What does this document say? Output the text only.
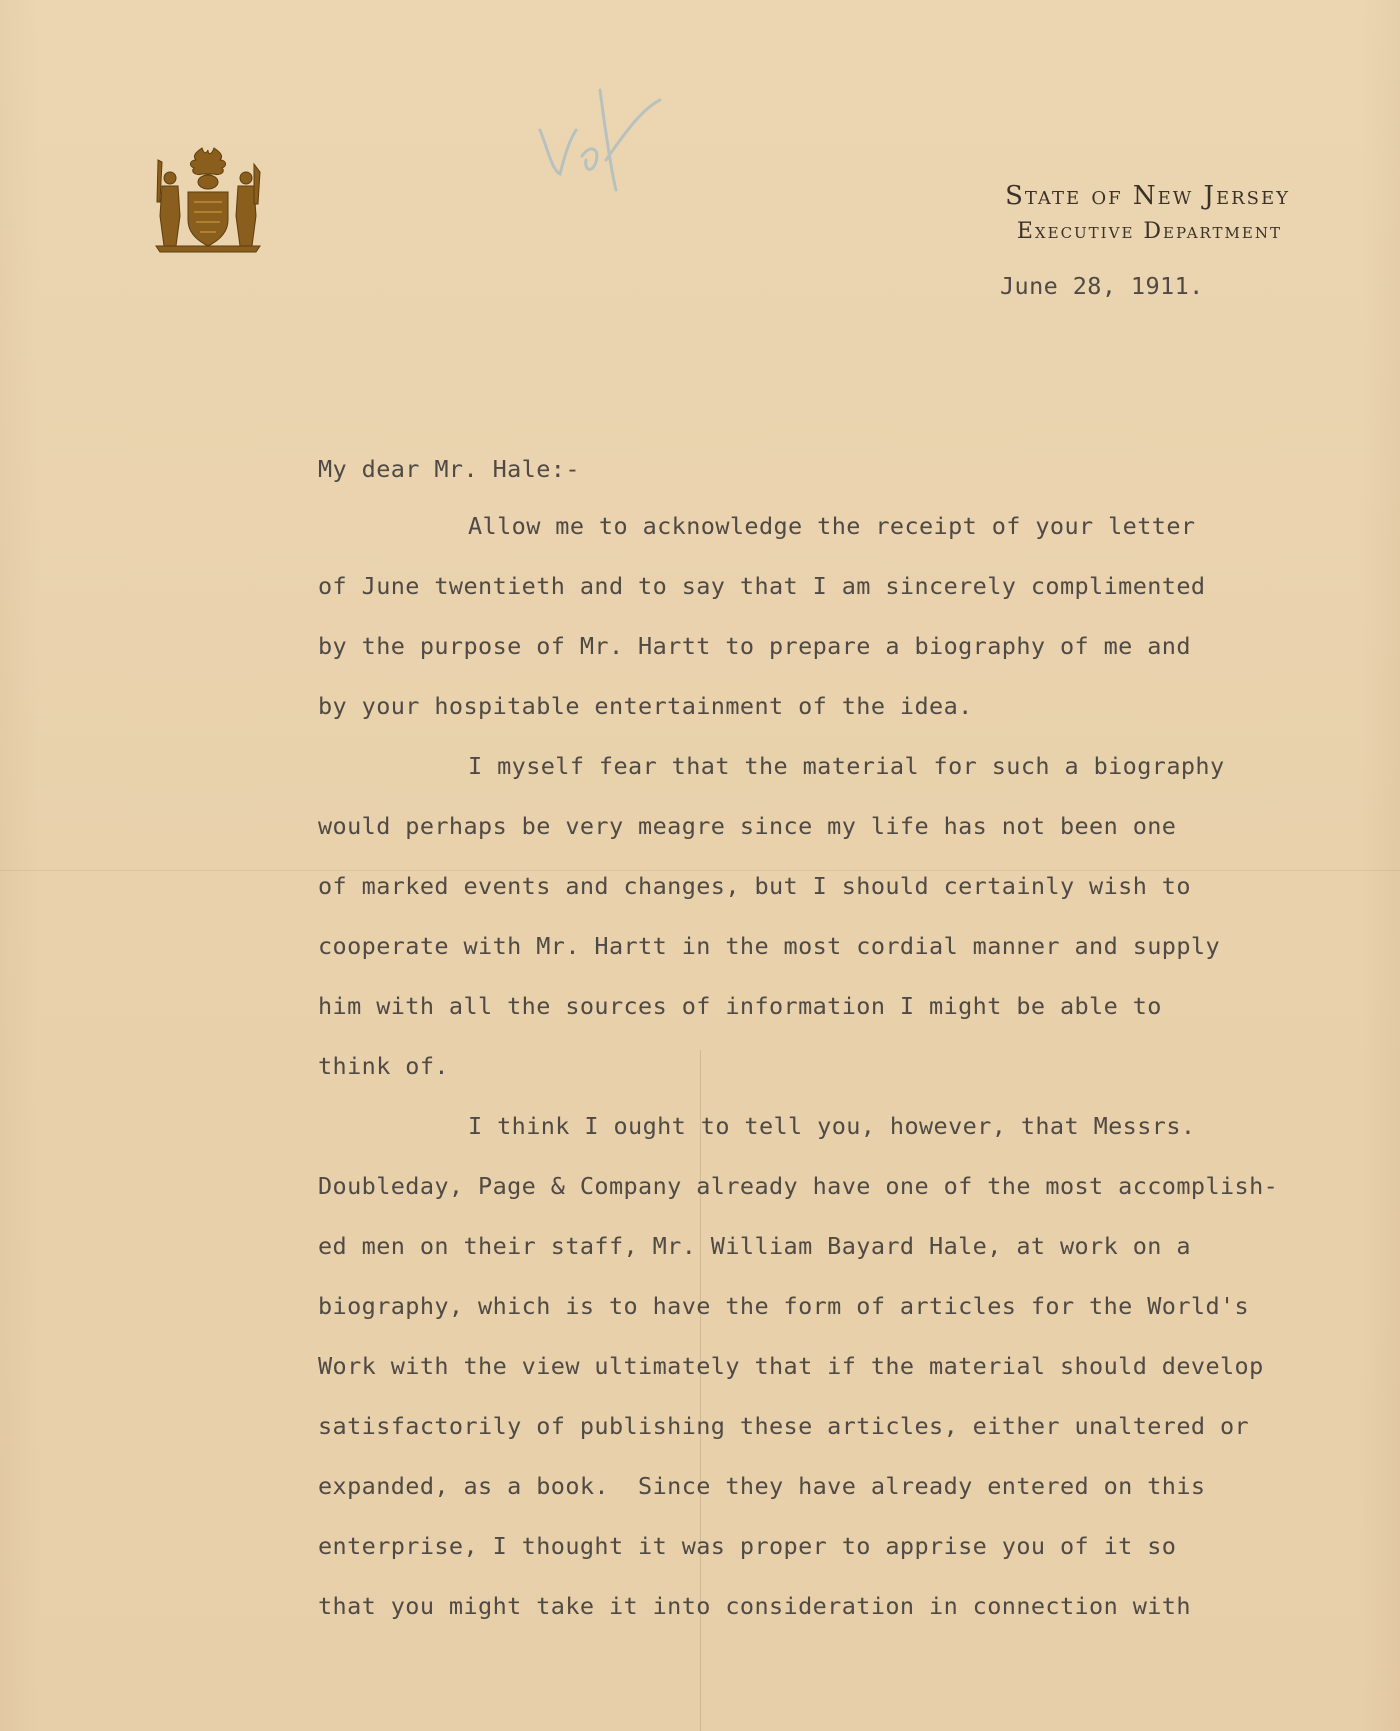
State of New Jersey
Executive Department
June 28, 1911.
My dear Mr. Hale:-
Allow me to acknowledge the receipt of your letter
of June twentieth and to say that I am sincerely complimented
by the purpose of Mr. Hartt to prepare a biography of me and
by your hospitable entertainment of the idea.
I myself fear that the material for such a biography
would perhaps be very meagre since my life has not been one
of marked events and changes, but I should certainly wish to
cooperate with Mr. Hartt in the most cordial manner and supply
him with all the sources of information I might be able to
think of.
I think I ought to tell you, however, that Messrs.
Doubleday, Page & Company already have one of the most accomplish-
ed men on their staff, Mr. William Bayard Hale, at work on a
biography, which is to have the form of articles for the World's
Work with the view ultimately that if the material should develop
satisfactorily of publishing these articles, either unaltered or
expanded, as a book.  Since they have already entered on this
enterprise, I thought it was proper to apprise you of it so
that you might take it into consideration in connection with
